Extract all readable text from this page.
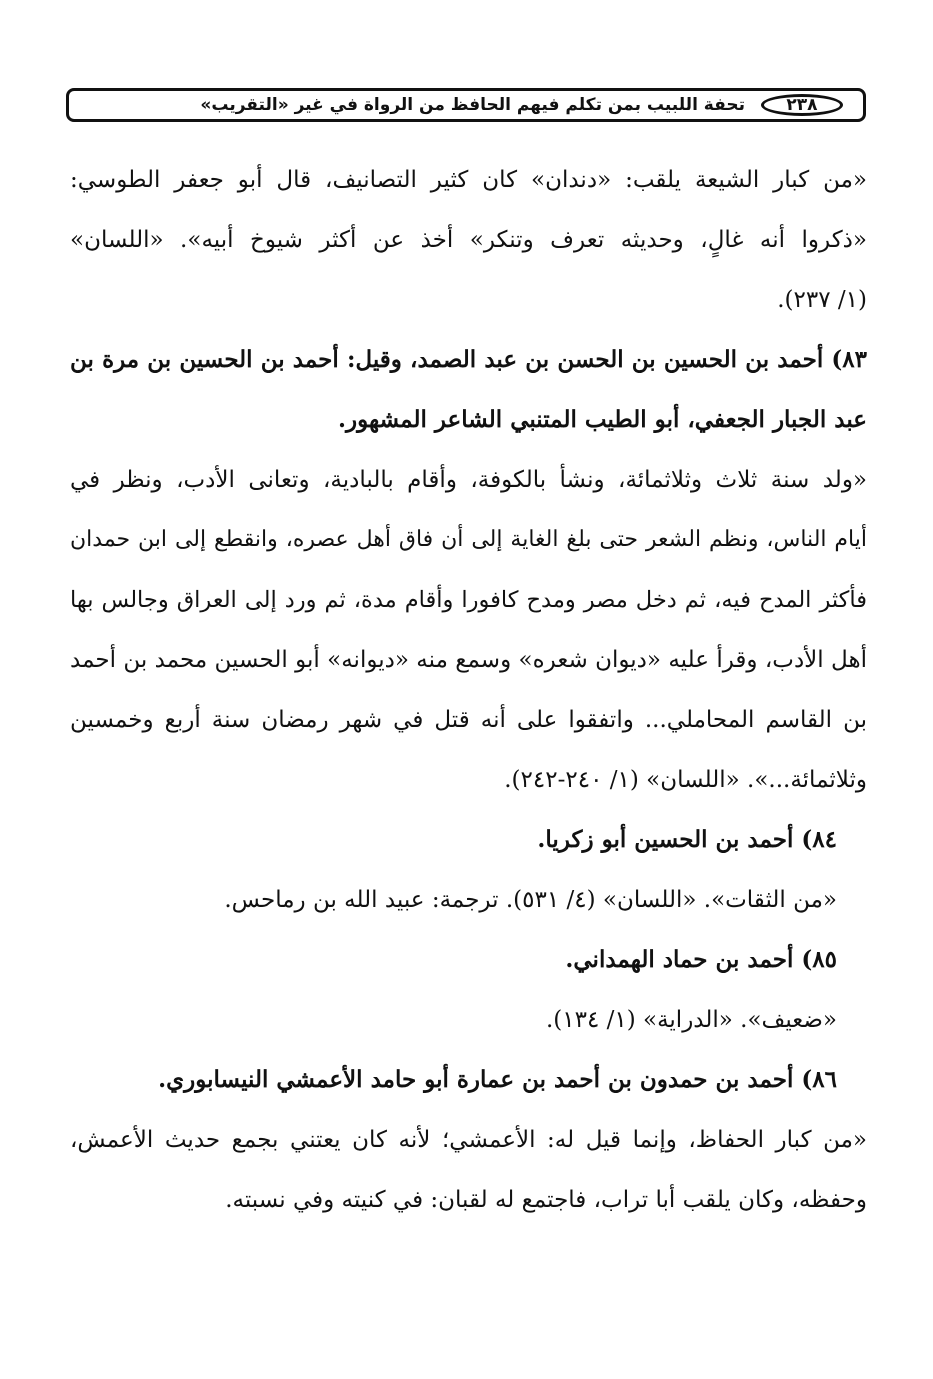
٢٣٨
تحفة اللبيب بمن تكلم فيهم الحافظ من الرواة في غير «التقريب»
«من كبار الشيعة يلقب: «دندان» كان كثير التصانيف، قال أبو جعفر الطوسي:
«ذكروا أنه غالٍ، وحديثه تعرف وتنكر» أخذ عن أكثر شيوخ أبيه». «اللسان»
(١/ ٢٣٧).
٨٣) أحمد بن الحسين بن الحسن بن عبد الصمد، وقيل: أحمد بن الحسين بن مرة بن
عبد الجبار الجعفي، أبو الطيب المتنبي الشاعر المشهور.
«ولد سنة ثلاث وثلاثمائة، ونشأ بالكوفة، وأقام بالبادية، وتعانى الأدب، ونظر في
أيام الناس، ونظم الشعر حتى بلغ الغاية إلى أن فاق أهل عصره، وانقطع إلى ابن حمدان
فأكثر المدح فيه، ثم دخل مصر ومدح كافورا وأقام مدة، ثم ورد إلى العراق وجالس بها
أهل الأدب، وقرأ عليه «ديوان شعره» وسمع منه «ديوانه» أبو الحسين محمد بن أحمد
بن القاسم المحاملي... واتفقوا على أنه قتل في شهر رمضان سنة أربع وخمسين
وثلاثمائة...». «اللسان» (١/ ٢٤٠-٢٤٢).
٨٤) أحمد بن الحسين أبو زكريا.
«من الثقات». «اللسان» (٤/ ٥٣١). ترجمة: عبيد الله بن رماحس.
٨٥) أحمد بن حماد الهمداني.
«ضعيف». «الدراية» (١/ ١٣٤).
٨٦) أحمد بن حمدون بن أحمد بن عمارة أبو حامد الأعمشي النيسابوري.
«من كبار الحفاظ، وإنما قيل له: الأعمشي؛ لأنه كان يعتني بجمع حديث الأعمش،
وحفظه، وكان يلقب أبا تراب، فاجتمع له لقبان: في كنيته وفي نسبته.
